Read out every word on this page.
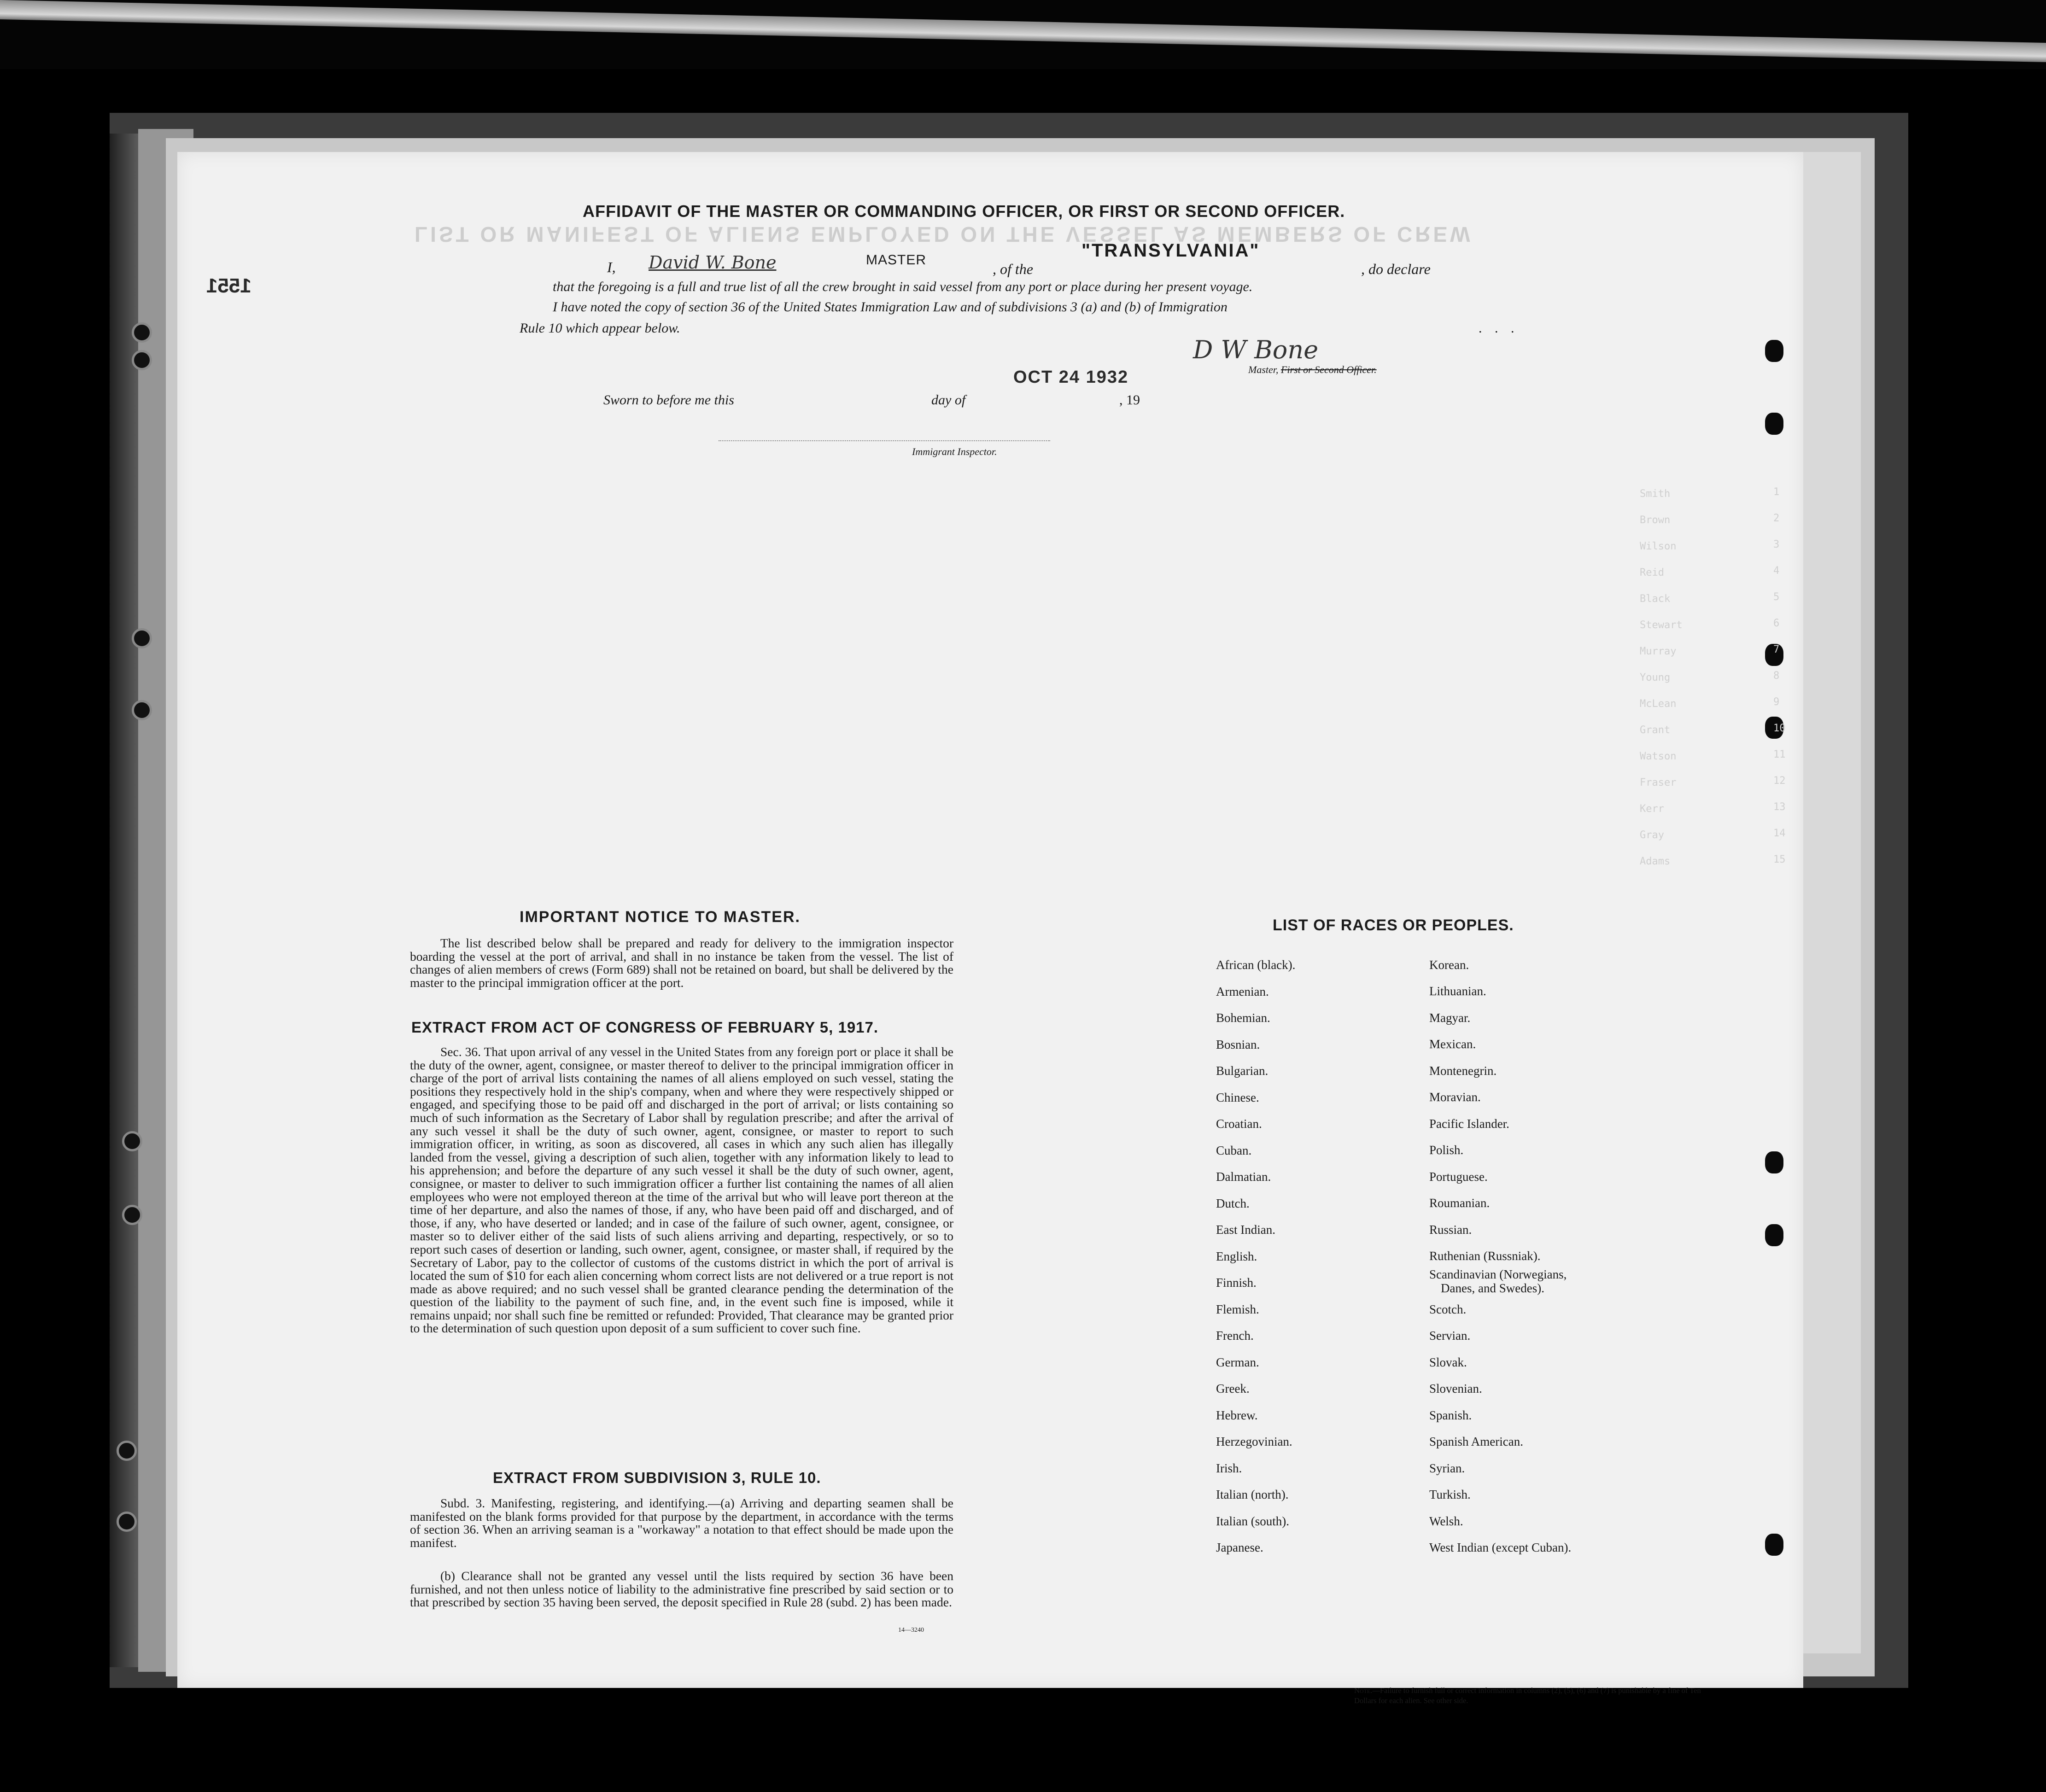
LIST OR MANIFEST OF ALIENS EMPLOYED ON THE VESSEL AS MEMBERS OF CREW
1551
AFFIDAVIT OF THE MASTER OR COMMANDING OFFICER, OR FIRST OR SECOND OFFICER.
I, David W. Bone	MASTER
, of the
"TRANSYLVANIA"
, do declare
that the foregoing is a full and true list of all the crew brought in said vessel from any port or place during her present voyage.
I have noted the copy of section 36 of the United States Immigration Law and of subdivisions 3 (a) and (b) of Immigration
Rule 10 which appear below.	. . .
D W Bone
Master, First or Second Officer.
Sworn to before me this	day of
OCT 24 1932
, 19
Immigrant Inspector.
Smith	1
Brown	2
Wilson	3
Reid	4
Black	5
Stewart	6
Murray	7
Young	8
McLean	9
Grant	10
Watson	11
Fraser	12
Kerr	13
Gray	14
Adams	15
IMPORTANT NOTICE TO MASTER.

The list described below shall be prepared and ready for delivery to the immigration inspector boarding the vessel at the port of arrival, and shall in no instance be taken from the vessel. The list of changes of alien members of crews (Form 689) shall not be retained on board, but shall be delivered by the master to the principal immigration officer at the port.

EXTRACT FROM ACT OF CONGRESS OF FEBRUARY 5, 1917.

Sec. 36. That upon arrival of any vessel in the United States from any foreign port or place it shall be the duty of the owner, agent, consignee, or master thereof to deliver to the principal immigration officer in charge of the port of arrival lists containing the names of all aliens employed on such vessel, stating the positions they respectively hold in the ship's company, when and where they were respectively shipped or engaged, and specifying those to be paid off and discharged in the port of arrival; or lists containing so much of such information as the Secretary of Labor shall by regulation prescribe; and after the arrival of any such vessel it shall be the duty of such owner, agent, consignee, or master to report to such immigration officer, in writing, as soon as discovered, all cases in which any such alien has illegally landed from the vessel, giving a description of such alien, together with any information likely to lead to his apprehension; and before the departure of any such vessel it shall be the duty of such owner, agent, consignee, or master to deliver to such immigration officer a further list containing the names of all alien employees who were not employed thereon at the time of the arrival but who will leave port thereon at the time of her departure, and also the names of those, if any, who have been paid off and discharged, and of those, if any, who have deserted or landed; and in case of the failure of such owner, agent, consignee, or master so to deliver either of the said lists of such aliens arriving and departing, respectively, or so to report such cases of desertion or landing, such owner, agent, consignee, or master shall, if required by the Secretary of Labor, pay to the collector of customs of the customs district in which the port of arrival is located the sum of $10 for each alien concerning whom correct lists are not delivered or a true report is not made as above required; and no such vessel shall be granted clearance pending the determination of the question of the liability to the payment of such fine, and, in the event such fine is imposed, while it remains unpaid; nor shall such fine be remitted or refunded: Provided, That clearance may be granted prior to the determination of such question upon deposit of a sum sufficient to cover such fine.

EXTRACT FROM SUBDIVISION 3, RULE 10.

Subd. 3. Manifesting, registering, and identifying.—(a) Arriving and departing seamen shall be manifested on the blank forms provided for that purpose by the department, in accordance with the terms of section 36. When an arriving seaman is a "workaway" a notation to that effect should be made upon the manifest.

(b) Clearance shall not be granted any vessel until the lists required by section 36 have been furnished, and not then unless notice of liability to the administrative fine prescribed by said section or to that prescribed by section 35 having been served, the deposit specified in Rule 28 (subd. 2) has been made.

14—3240
LIST OF RACES OR PEOPLES.
African (black).
Armenian.
Bohemian.
Bosnian.
Bulgarian.
Chinese.
Croatian.
Cuban.
Dalmatian.
Dutch.
East Indian.
English.
Finnish.
Flemish.
French.
German.
Greek.
Hebrew.
Herzegovinian.
Irish.
Italian (north).
Italian (south).
Japanese.
Korean.
Lithuanian.
Magyar.
Mexican.
Montenegrin.
Moravian.
Pacific Islander.
Polish.
Portuguese.
Roumanian.
Russian.
Ruthenian (Russniak).
Scandinavian (Norwegians,
Danes, and Swedes).
Scotch.
Servian.
Slovak.
Slovenian.
Spanish.
Spanish American.
Syrian.
Turkish.
Welsh.
West Indian (except Cuban).
Note.—Failure to furnish full or correct information in columns (2), (5), (6) and (7) is punishable by a fine of Ten Dollars for each alien. See other side.
